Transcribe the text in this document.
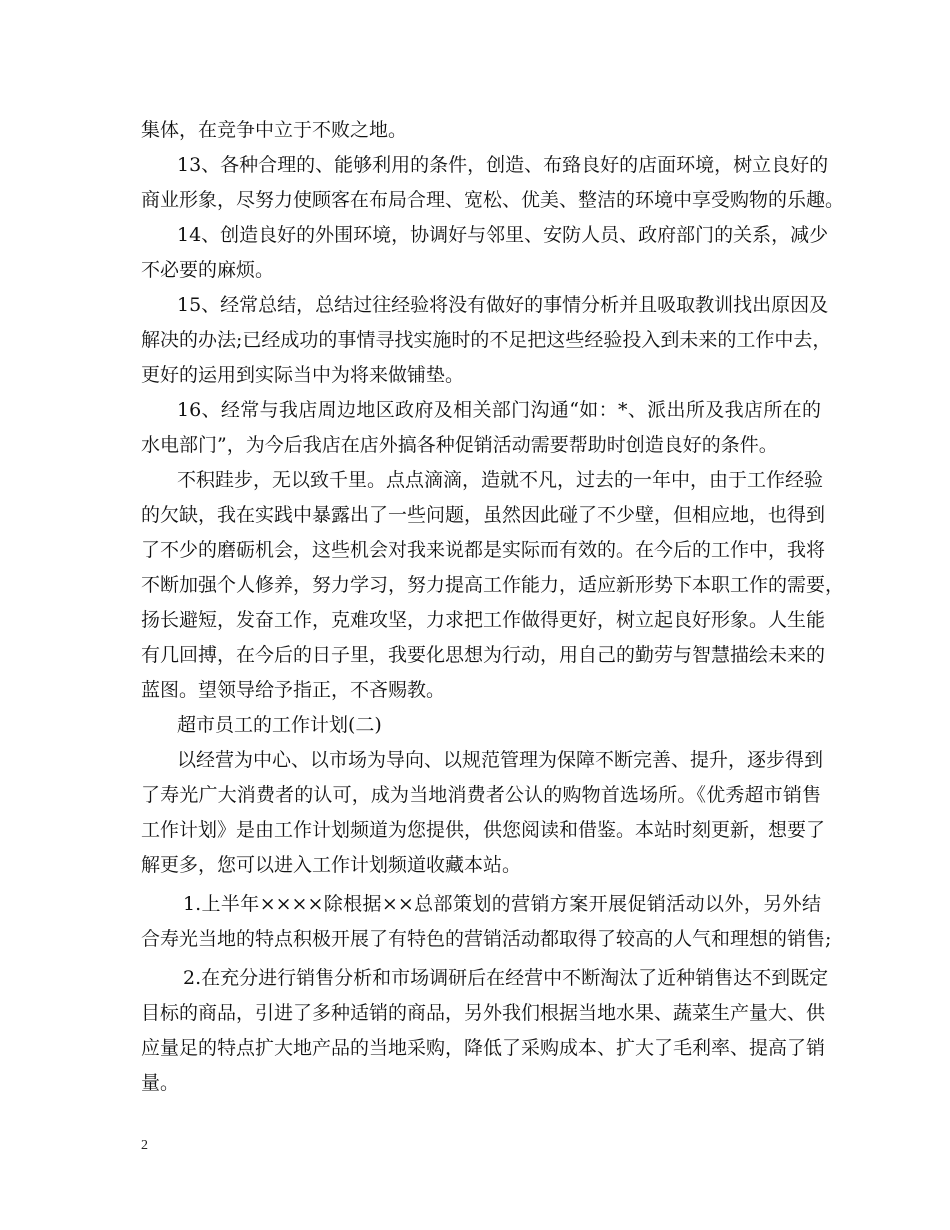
集体，在竞争中立于不败之地。
13、各种合理的、能够利用的条件，创造、布臵良好的店面环境，树立良好的
商业形象，尽努力使顾客在布局合理、宽松、优美、整洁的环境中享受购物的乐趣。
14、创造良好的外围环境，协调好与邻里、安防人员、政府部门的关系，减少
不必要的麻烦。
15、经常总结，总结过往经验将没有做好的事情分析并且吸取教训找出原因及
解决的办法;已经成功的事情寻找实施时的不足把这些经验投入到未来的工作中去，
更好的运用到实际当中为将来做铺垫。
16、经常与我店周边地区政府及相关部门沟通“如：*、派出所及我店所在的
水电部门”，为今后我店在店外搞各种促销活动需要帮助时创造良好的条件。
不积跬步，无以致千里。点点滴滴，造就不凡，过去的一年中，由于工作经验
的欠缺，我在实践中暴露出了一些问题，虽然因此碰了不少壁，但相应地，也得到
了不少的磨砺机会，这些机会对我来说都是实际而有效的。在今后的工作中，我将
不断加强个人修养，努力学习，努力提高工作能力，适应新形势下本职工作的需要，
扬长避短，发奋工作，克难攻坚，力求把工作做得更好，树立起良好形象。人生能
有几回搏，在今后的日子里，我要化思想为行动，用自己的勤劳与智慧描绘未来的
蓝图。望领导给予指正，不吝赐教。
超市员工的工作计划(二)
以经营为中心、以市场为导向、以规范管理为保障不断完善、提升，逐步得到
了寿光广大消费者的认可，成为当地消费者公认的购物首选场所。《优秀超市销售
工作计划》是由工作计划频道为您提供，供您阅读和借鉴。本站时刻更新，想要了
解更多，您可以进入工作计划频道收藏本站。
1.上半年××××除根据××总部策划的营销方案开展促销活动以外，另外结
合寿光当地的特点积极开展了有特色的营销活动都取得了较高的人气和理想的销售;
2.在充分进行销售分析和市场调研后在经营中不断淘汰了近种销售达不到既定
目标的商品，引进了多种适销的商品，另外我们根据当地水果、蔬菜生产量大、供
应量足的特点扩大地产品的当地采购，降低了采购成本、扩大了毛利率、提高了销
量。
2
